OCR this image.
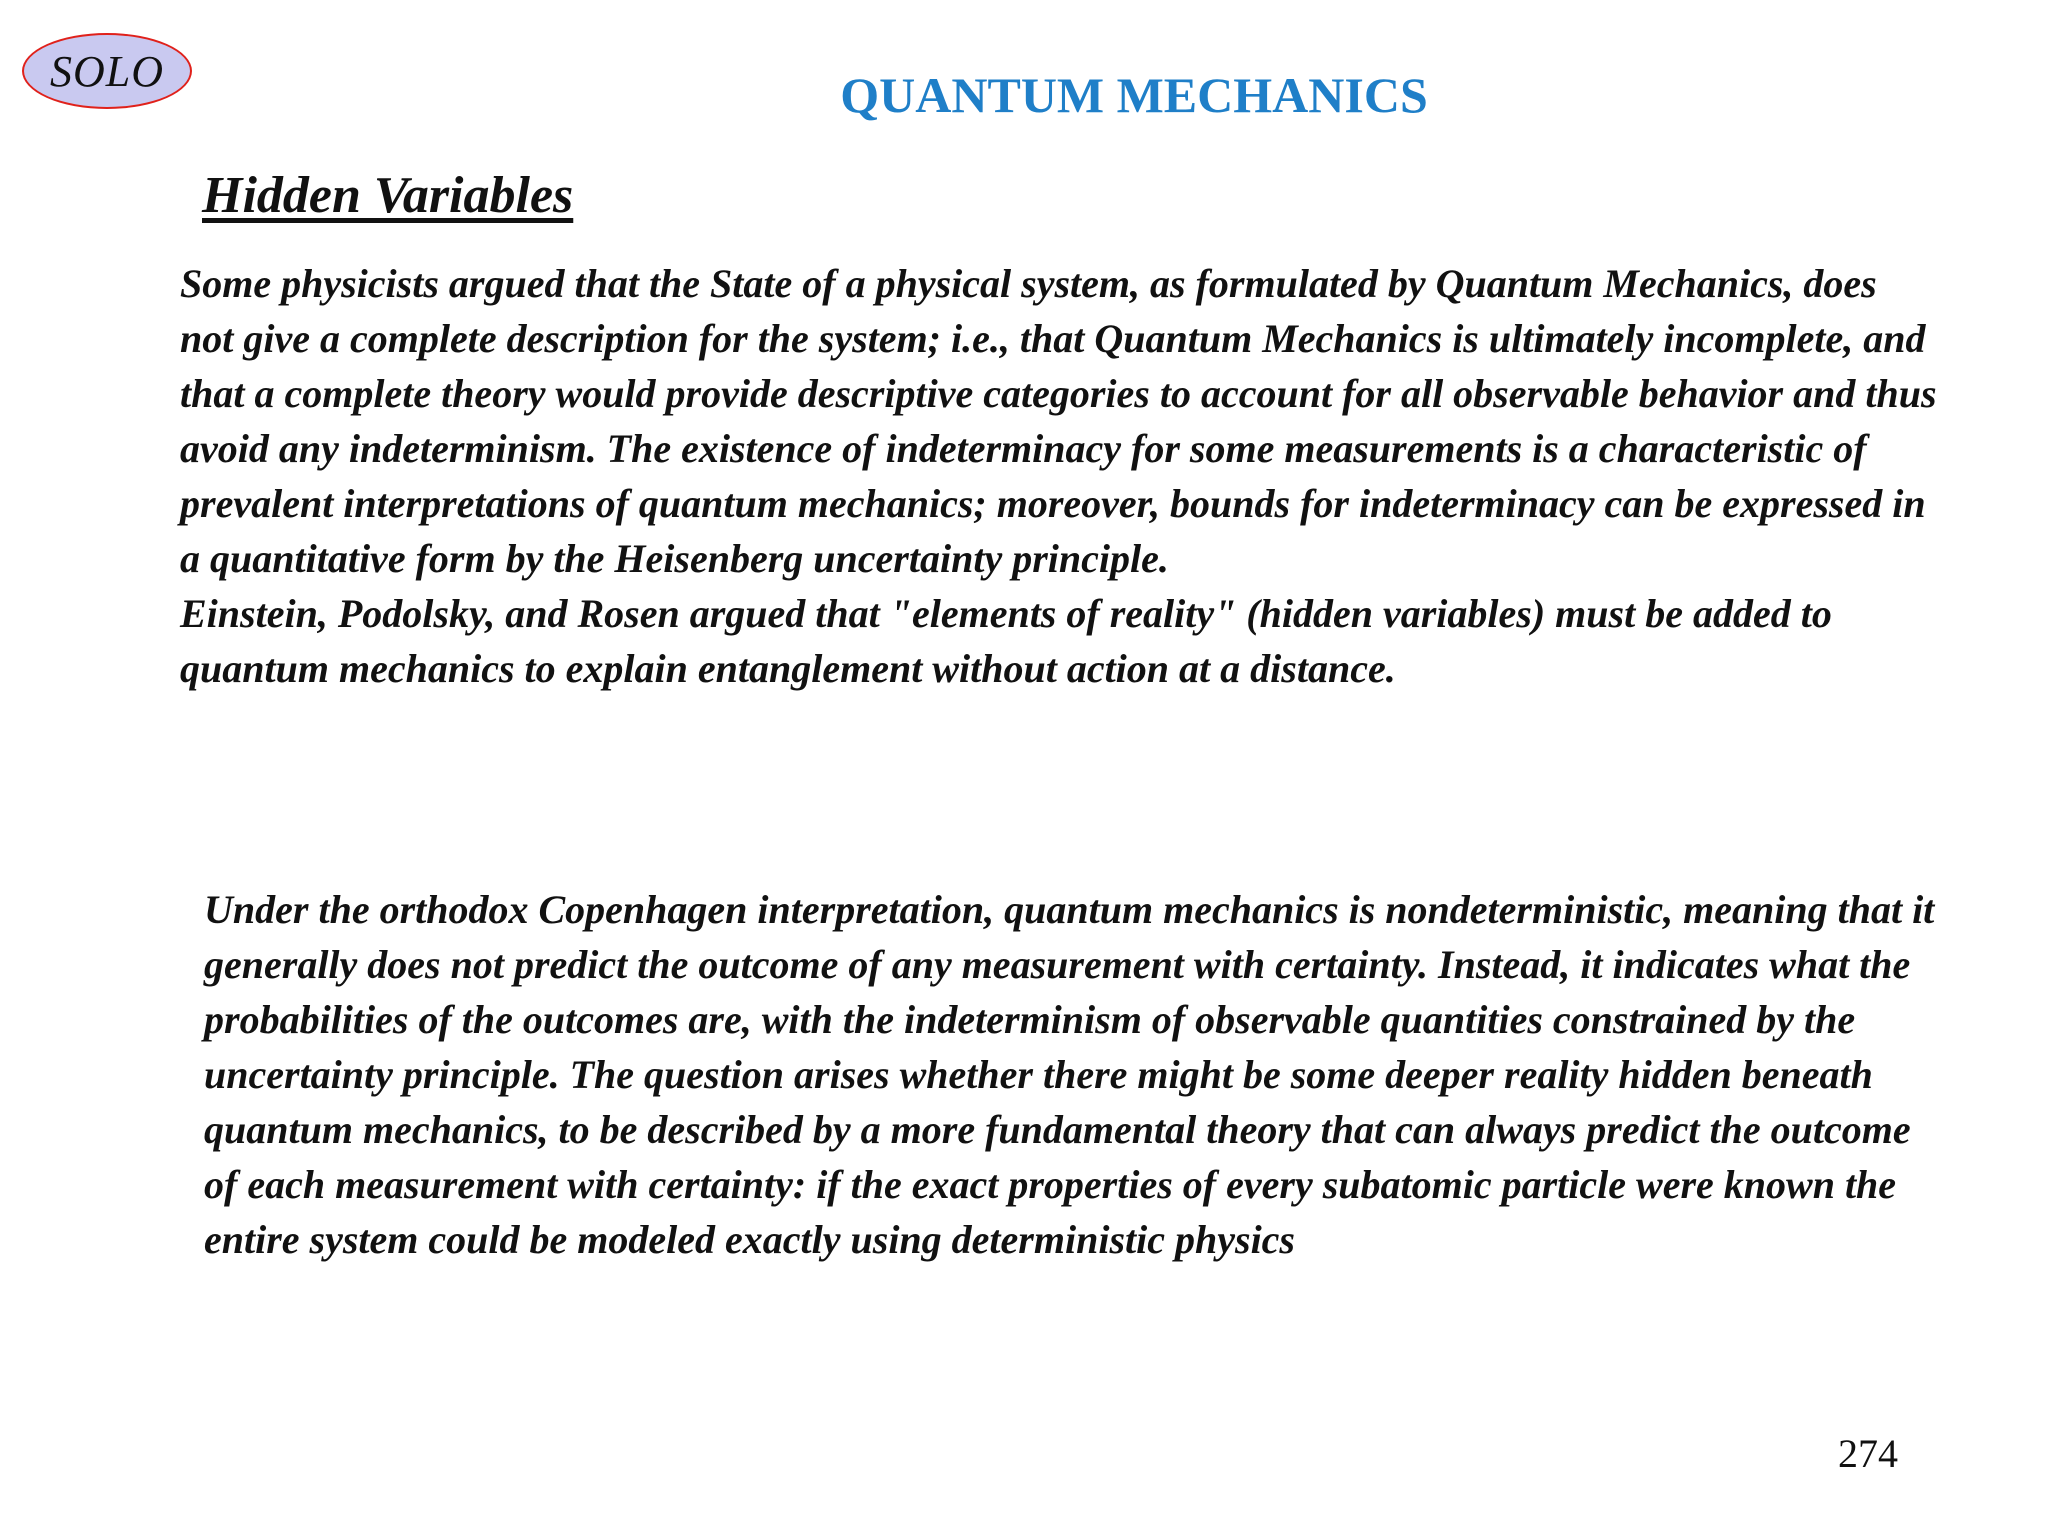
SOLO	QUANTUM MECHANICS
Hidden Variables

Some physicists argued that the State of a physical system, as formulated by Quantum Mechanics, does not give a complete description for the system; i.e., that Quantum Mechanics is ultimately incomplete, and that a complete theory would provide descriptive categories to account for all observable behavior and thus avoid any indeterminism. The existence of indeterminacy for some measurements is a characteristic of prevalent interpretations of quantum mechanics; moreover, bounds for indeterminacy can be expressed in a quantitative form by the Heisenberg uncertainty principle.

Einstein, Podolsky, and Rosen argued that "elements of reality" (hidden variables) must be added to quantum mechanics to explain entanglement without action at a distance.

Under the orthodox Copenhagen interpretation, quantum mechanics is nondeterministic, meaning that it generally does not predict the outcome of any measurement with certainty. Instead, it indicates what the probabilities of the outcomes are, with the indeterminism of observable quantities constrained by the uncertainty principle. The question arises whether there might be some deeper reality hidden beneath quantum mechanics, to be described by a more fundamental theory that can always predict the outcome of each measurement with certainty: if the exact properties of every subatomic particle were known the entire system could be modeled exactly using deterministic physics

274
